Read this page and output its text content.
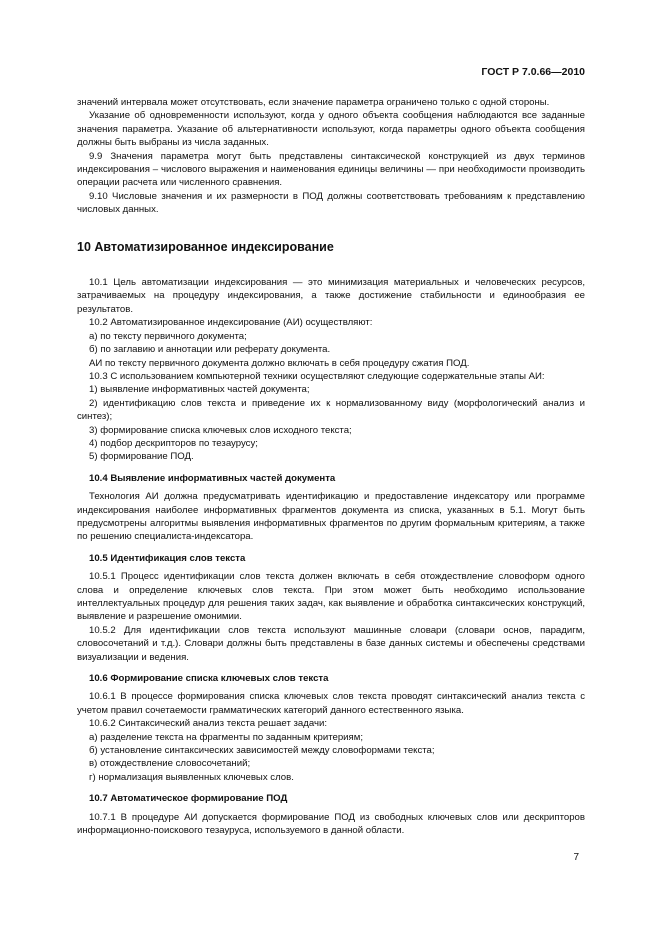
ГОСТ Р 7.0.66—2010
значений интервала может отсутствовать, если значение параметра ограничено только с одной стороны.
Указание об одновременности используют, когда у одного объекта сообщения наблюдаются все заданные значения параметра. Указание об альтернативности используют, когда параметры одного объекта сообщения должны быть выбраны из числа заданных.
9.9 Значения параметра могут быть представлены синтаксической конструкцией из двух терминов индексирования – числового выражения и наименования единицы величины — при необходимости производить операции расчета или численного сравнения.
9.10 Числовые значения и их размерности в ПОД должны соответствовать требованиям к представлению числовых данных.
10 Автоматизированное индексирование
10.1 Цель автоматизации индексирования — это минимизация материальных и человеческих ресурсов, затрачиваемых на процедуру индексирования, а также достижение стабильности и единообразия ее результатов.
10.2 Автоматизированное индексирование (АИ) осуществляют:
а) по тексту первичного документа;
б) по заглавию и аннотации или реферату документа.
АИ по тексту первичного документа должно включать в себя процедуру сжатия ПОД.
10.3 С использованием компьютерной техники осуществляют следующие содержательные этапы АИ:
1) выявление информативных частей документа;
2) идентификацию слов текста и приведение их к нормализованному виду (морфологический анализ и синтез);
3) формирование списка ключевых слов исходного текста;
4) подбор дескрипторов по тезаурусу;
5) формирование ПОД.
10.4 Выявление информативных частей документа
Технология АИ должна предусматривать идентификацию и предоставление индексатору или программе индексирования наиболее информативных фрагментов документа из списка, указанных в 5.1. Могут быть предусмотрены алгоритмы выявления информативных фрагментов по другим формальным критериям, а также по решению специалиста-индексатора.
10.5 Идентификация слов текста
10.5.1 Процесс идентификации слов текста должен включать в себя отождествление словоформ одного слова и определение ключевых слов текста. При этом может быть необходимо использование интеллектуальных процедур для решения таких задач, как выявление и обработка синтаксических конструкций, выявление и разрешение омонимии.
10.5.2 Для идентификации слов текста используют машинные словари (словари основ, парадигм, словосочетаний и т.д.). Словари должны быть представлены в базе данных системы и обеспечены средствами визуализации и ведения.
10.6 Формирование списка ключевых слов текста
10.6.1 В процессе формирования списка ключевых слов текста проводят синтаксический анализ текста с учетом правил сочетаемости грамматических категорий данного естественного языка.
10.6.2 Синтаксический анализ текста решает задачи:
а) разделение текста на фрагменты по заданным критериям;
б) установление синтаксических зависимостей между словоформами текста;
в) отождествление словосочетаний;
г) нормализация выявленных ключевых слов.
10.7 Автоматическое формирование ПОД
10.7.1 В процедуре АИ допускается формирование ПОД из свободных ключевых слов или дескрипторов информационно-поискового тезауруса, используемого в данной области.
7
